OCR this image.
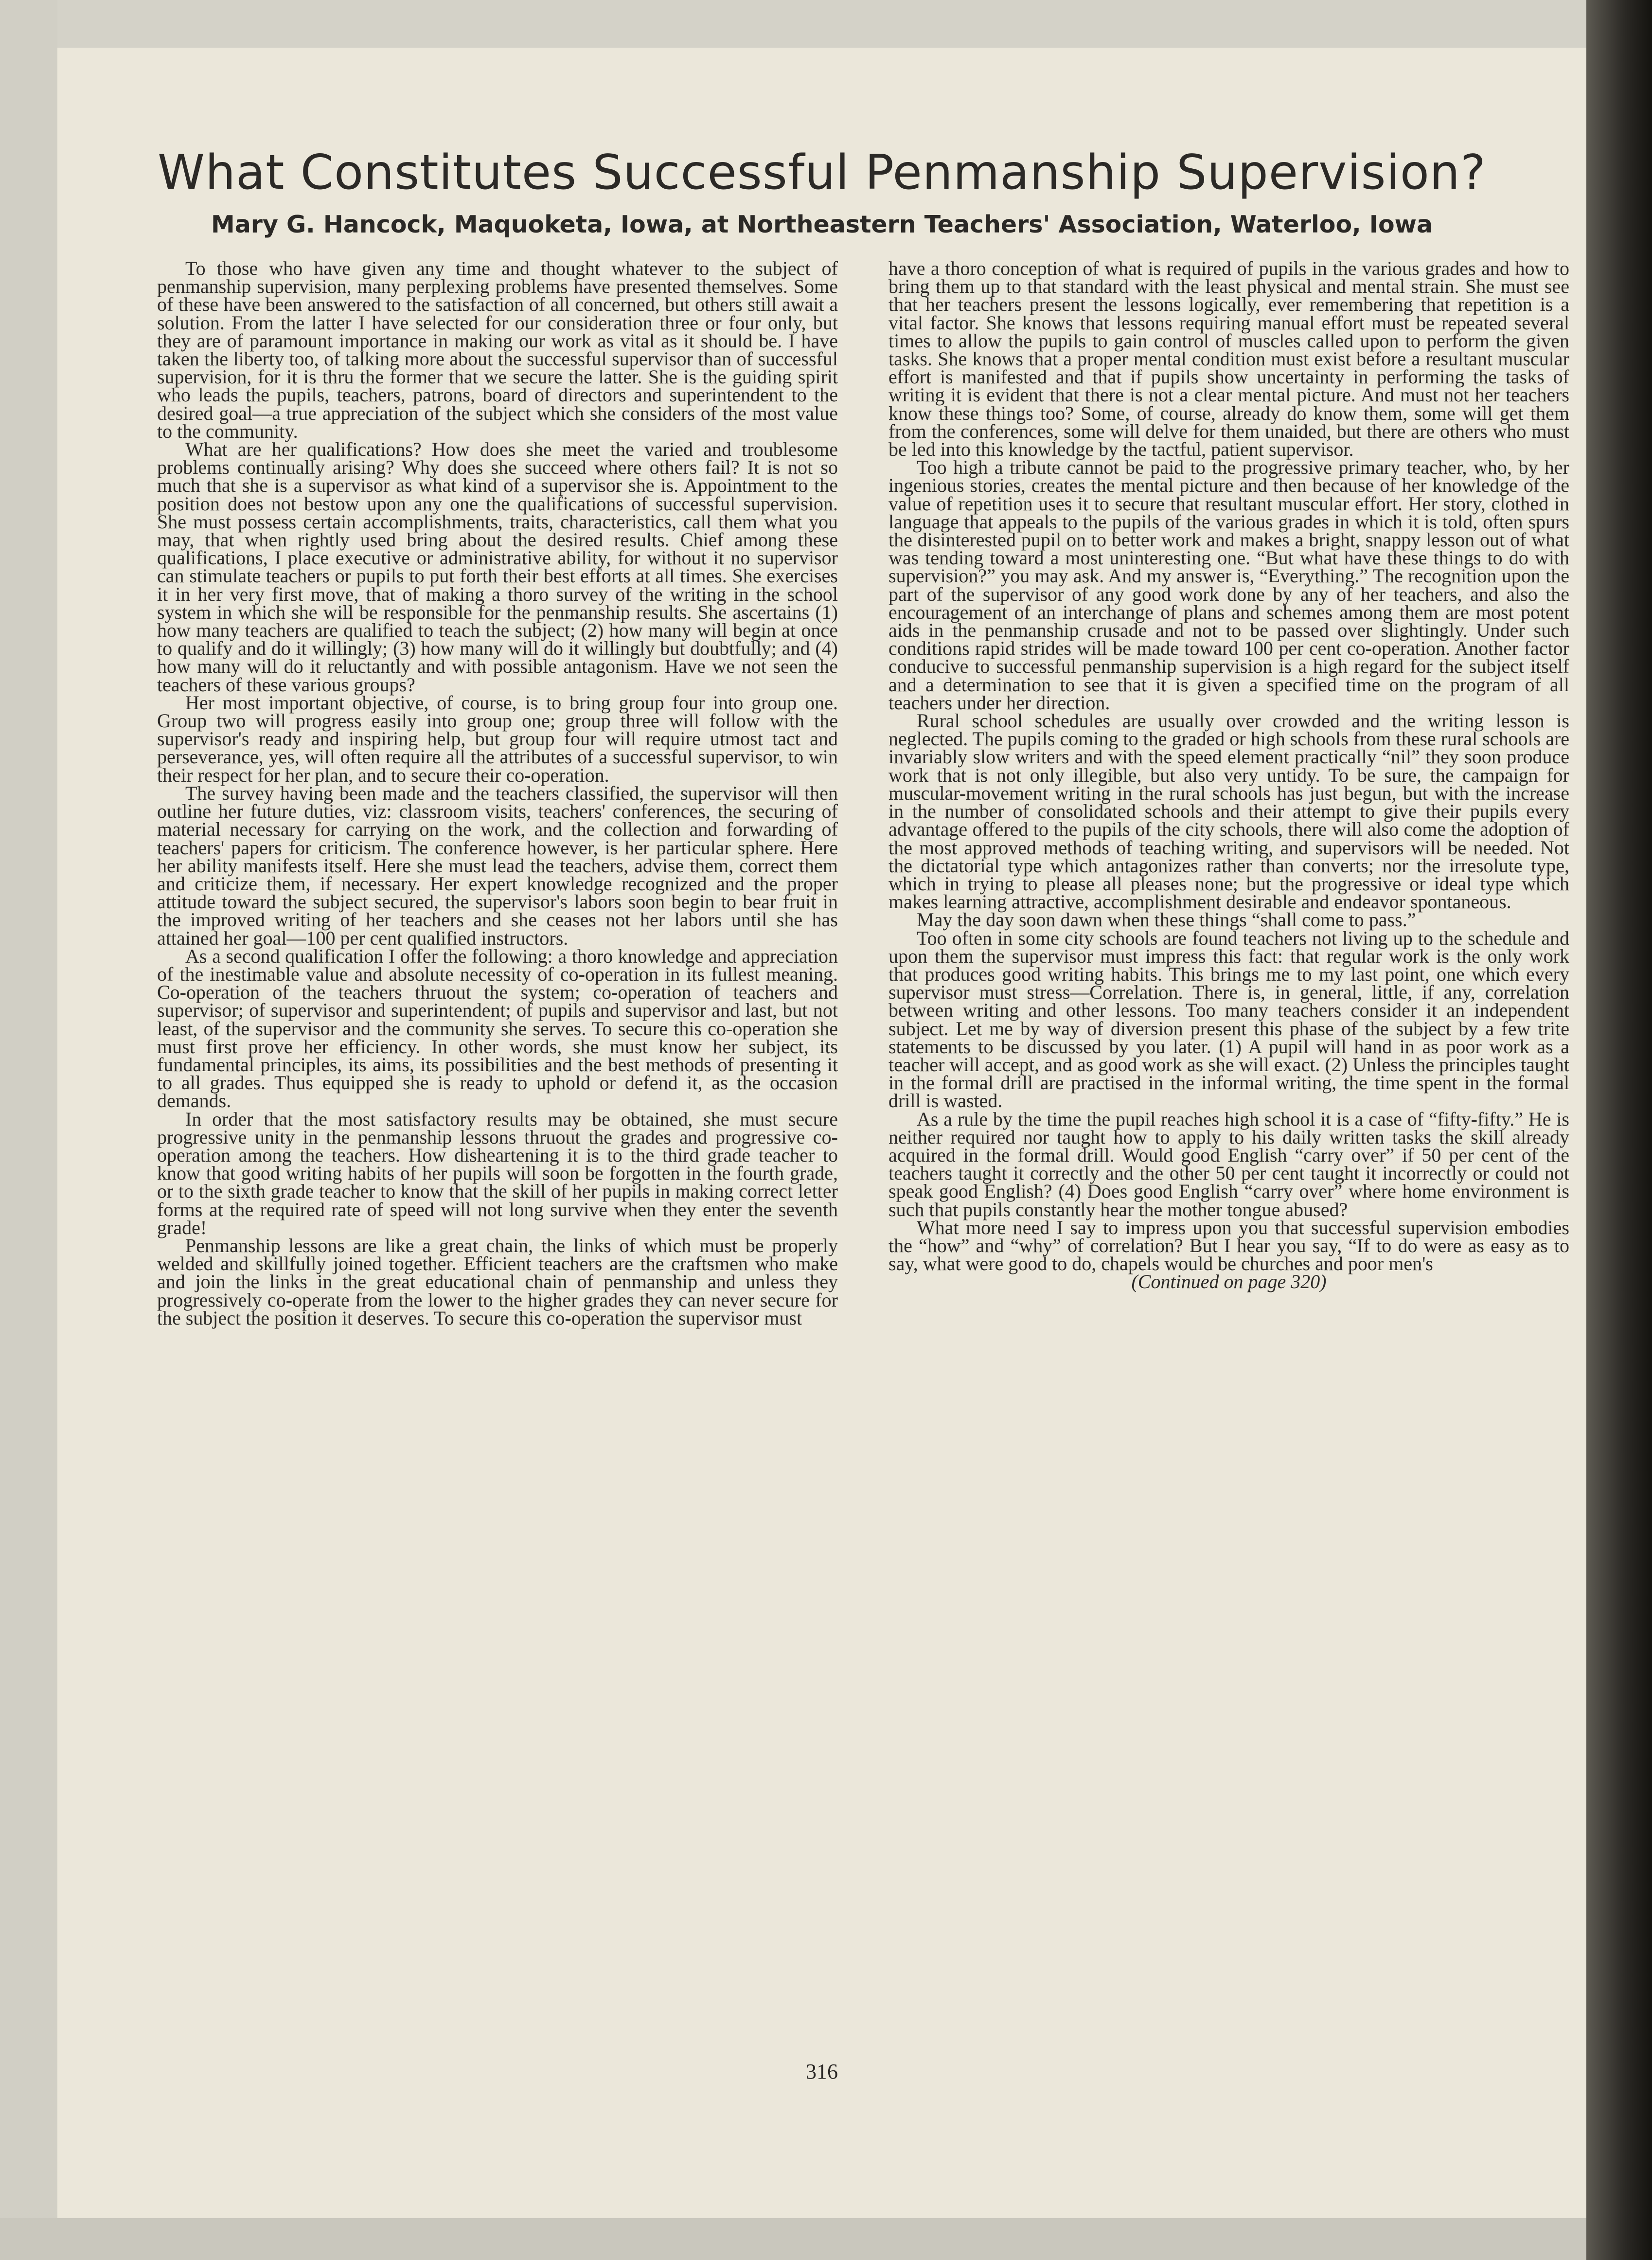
What Constitutes Successful Penmanship Supervision?
Mary G. Hancock, Maquoketa, Iowa, at Northeastern Teachers' Association, Waterloo, Iowa

To those who have given any time and thought whatever to the subject of penmanship supervision, many perplexing problems have presented themselves. Some of these have been answered to the satisfaction of all concerned, but others still await a solution. From the latter I have selected for our consideration three or four only, but they are of paramount importance in making our work as vital as it should be. I have taken the liberty too, of talking more about the successful supervisor than of successful supervision, for it is thru the former that we secure the latter. She is the guiding spirit who leads the pupils, teachers, patrons, board of directors and superintendent to the desired goal—a true appreciation of the subject which she considers of the most value to the community.

What are her qualifications? How does she meet the varied and troublesome problems continually arising? Why does she succeed where others fail? It is not so much that she is a supervisor as what kind of a supervisor she is. Appointment to the position does not bestow upon any one the qualifications of successful supervision. She must possess certain accomplishments, traits, characteristics, call them what you may, that when rightly used bring about the desired results. Chief among these qualifications, I place executive or administrative ability, for without it no supervisor can stimulate teachers or pupils to put forth their best efforts at all times. She exercises it in her very first move, that of making a thoro survey of the writing in the school system in which she will be responsible for the penmanship results. She ascertains (1) how many teachers are qualified to teach the subject; (2) how many will begin at once to qualify and do it willingly; (3) how many will do it willingly but doubtfully; and (4) how many will do it reluctantly and with possible antagonism. Have we not seen the teachers of these various groups?

Her most important objective, of course, is to bring group four into group one. Group two will progress easily into group one; group three will follow with the supervisor's ready and inspiring help, but group four will require utmost tact and perseverance, yes, will often require all the attributes of a successful supervisor, to win their respect for her plan, and to secure their co-operation.

The survey having been made and the teachers classified, the supervisor will then outline her future duties, viz: classroom visits, teachers' conferences, the securing of material necessary for carrying on the work, and the collection and forwarding of teachers' papers for criticism. The conference however, is her particular sphere. Here her ability manifests itself. Here she must lead the teachers, advise them, correct them and criticize them, if necessary. Her expert knowledge recognized and the proper attitude toward the subject secured, the supervisor's labors soon begin to bear fruit in the improved writing of her teachers and she ceases not her labors until she has attained her goal—100 per cent qualified instructors.

As a second qualification I offer the following: a thoro knowledge and appreciation of the inestimable value and absolute necessity of co-operation in its fullest meaning. Co-operation of the teachers thruout the system; co-operation of teachers and supervisor; of supervisor and superintendent; of pupils and supervisor and last, but not least, of the supervisor and the community she serves. To secure this co-operation she must first prove her efficiency. In other words, she must know her subject, its fundamental principles, its aims, its possibilities and the best methods of presenting it to all grades. Thus equipped she is ready to uphold or defend it, as the occasion demands.

In order that the most satisfactory results may be obtained, she must secure progressive unity in the penmanship lessons thruout the grades and progressive co-operation among the teachers. How disheartening it is to the third grade teacher to know that good writing habits of her pupils will soon be forgotten in the fourth grade, or to the sixth grade teacher to know that the skill of her pupils in making correct letter forms at the required rate of speed will not long survive when they enter the seventh grade!

Penmanship lessons are like a great chain, the links of which must be properly welded and skillfully joined together. Efficient teachers are the craftsmen who make and join the links in the great educational chain of penmanship and unless they progressively co-operate from the lower to the higher grades they can never secure for the subject the position it deserves. To secure this co-operation the supervisor must

have a thoro conception of what is required of pupils in the various grades and how to bring them up to that standard with the least physical and mental strain. She must see that her teachers present the lessons logically, ever remembering that repetition is a vital factor. She knows that lessons requiring manual effort must be repeated several times to allow the pupils to gain control of muscles called upon to perform the given tasks. She knows that a proper mental condition must exist before a resultant muscular effort is manifested and that if pupils show uncertainty in performing the tasks of writing it is evident that there is not a clear mental picture. And must not her teachers know these things too? Some, of course, already do know them, some will get them from the conferences, some will delve for them unaided, but there are others who must be led into this knowledge by the tactful, patient supervisor.

Too high a tribute cannot be paid to the progressive primary teacher, who, by her ingenious stories, creates the mental picture and then because of her knowledge of the value of repetition uses it to secure that resultant muscular effort. Her story, clothed in language that appeals to the pupils of the various grades in which it is told, often spurs the disinterested pupil on to better work and makes a bright, snappy lesson out of what was tending toward a most uninteresting one. “But what have these things to do with supervision?” you may ask. And my answer is, “Everything.” The recognition upon the part of the supervisor of any good work done by any of her teachers, and also the encouragement of an interchange of plans and schemes among them are most potent aids in the penmanship crusade and not to be passed over slightingly. Under such conditions rapid strides will be made toward 100 per cent co-operation. Another factor conducive to successful penmanship supervision is a high regard for the subject itself and a determination to see that it is given a specified time on the program of all teachers under her direction.

Rural school schedules are usually over crowded and the writing lesson is neglected. The pupils coming to the graded or high schools from these rural schools are invariably slow writers and with the speed element practically “nil” they soon produce work that is not only illegible, but also very untidy. To be sure, the campaign for muscular-movement writing in the rural schools has just begun, but with the increase in the number of consolidated schools and their attempt to give their pupils every advantage offered to the pupils of the city schools, there will also come the adoption of the most approved methods of teaching writing, and supervisors will be needed. Not the dictatorial type which antagonizes rather than converts; nor the irresolute type, which in trying to please all pleases none; but the progressive or ideal type which makes learning attractive, accomplishment desirable and endeavor spontaneous.

May the day soon dawn when these things “shall come to pass.”

Too often in some city schools are found teachers not living up to the schedule and upon them the supervisor must impress this fact: that regular work is the only work that produces good writing habits. This brings me to my last point, one which every supervisor must stress—Correlation. There is, in general, little, if any, correlation between writing and other lessons. Too many teachers consider it an independent subject. Let me by way of diversion present this phase of the subject by a few trite statements to be discussed by you later. (1) A pupil will hand in as poor work as a teacher will accept, and as good work as she will exact. (2) Unless the principles taught in the formal drill are practised in the informal writing, the time spent in the formal drill is wasted.

As a rule by the time the pupil reaches high school it is a case of “fifty-fifty.” He is neither required nor taught how to apply to his daily written tasks the skill already acquired in the formal drill. Would good English “carry over” if 50 per cent of the teachers taught it correctly and the other 50 per cent taught it incorrectly or could not speak good English? (4) Does good English “carry over” where home environment is such that pupils constantly hear the mother tongue abused?

What more need I say to impress upon you that successful supervision embodies the “how” and “why” of correlation? But I hear you say, “If to do were as easy as to say, what were good to do, chapels would be churches and poor men's

(Continued on page 320)

316
